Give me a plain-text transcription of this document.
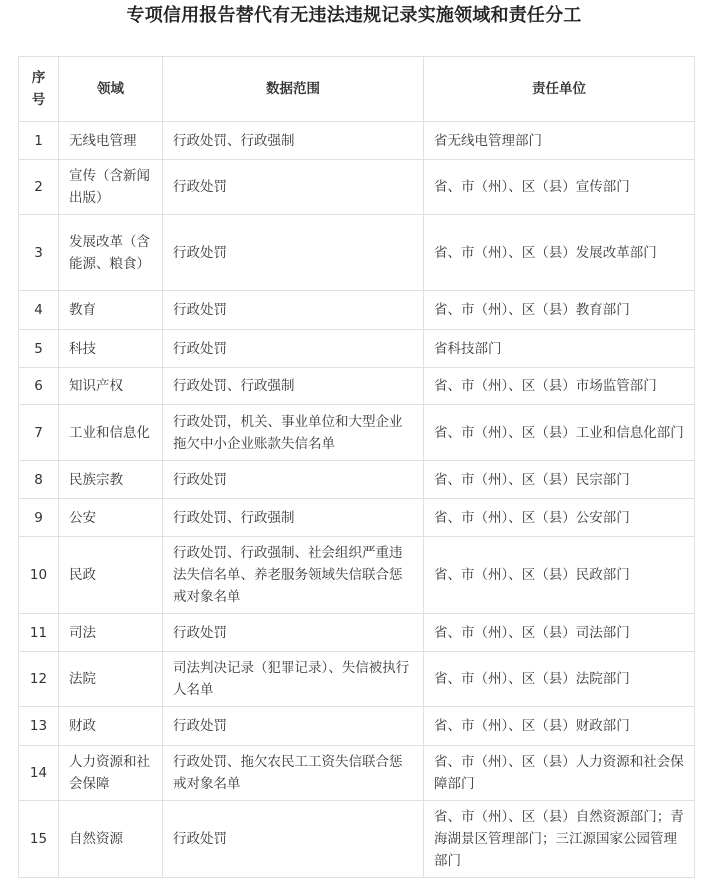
专项信用报告替代有无违法违规记录实施领域和责任分工
序号	领域	数据范围	责任单位
1	无线电管理	行政处罚、行政强制	省无线电管理部门
2	宣传（含新闻出版）	行政处罚	省、市（州）、区（县）宣传部门
3	发展改革（含能源、粮食）	行政处罚	省、市（州）、区（县）发展改革部门
4	教育	行政处罚	省、市（州）、区（县）教育部门
5	科技	行政处罚	省科技部门
6	知识产权	行政处罚、行政强制	省、市（州）、区（县）市场监管部门
7	工业和信息化	行政处罚，机关、事业单位和大型企业拖欠中小企业账款失信名单	省、市（州）、区（县）工业和信息化部门
8	民族宗教	行政处罚	省、市（州）、区（县）民宗部门
9	公安	行政处罚、行政强制	省、市（州）、区（县）公安部门
10	民政	行政处罚、行政强制、社会组织严重违法失信名单、养老服务领域失信联合惩戒对象名单	省、市（州）、区（县）民政部门
11	司法	行政处罚	省、市（州）、区（县）司法部门
12	法院	司法判决记录（犯罪记录）、失信被执行人名单	省、市（州）、区（县）法院部门
13	财政	行政处罚	省、市（州）、区（县）财政部门
14	人力资源和社会保障	行政处罚、拖欠农民工工资失信联合惩戒对象名单	省、市（州）、区（县）人力资源和社会保障部门
15	自然资源	行政处罚	省、市（州）、区（县）自然资源部门；青海湖景区管理部门；三江源国家公园管理部门
